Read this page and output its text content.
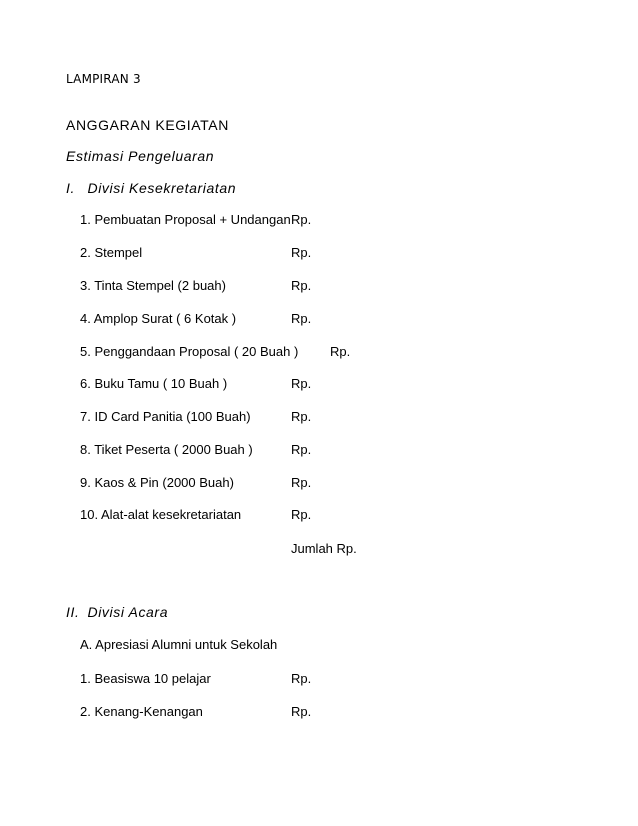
LAMPIRAN 3
ANGGARAN KEGIATAN
Estimasi Pengeluaran
I. Divisi Kesekretariatan
1. Pembuatan Proposal + Undangan Rp.
2. Stempel	Rp.
3. Tinta Stempel (2 buah)	Rp.
4. Amplop Surat ( 6 Kotak )	Rp.
5. Penggandaan Proposal ( 20 Buah ) Rp.
6. Buku Tamu ( 10 Buah )	Rp.
7. ID Card Panitia (100 Buah)	Rp.
8. Tiket Peserta ( 2000 Buah )	Rp.
9. Kaos & Pin (2000 Buah)	Rp.
10. Alat-alat kesekretariatan	Rp.
Jumlah Rp.
II. Divisi Acara
A. Apresiasi Alumni untuk Sekolah
1. Beasiswa 10 pelajar	Rp.
2. Kenang-Kenangan	Rp.
